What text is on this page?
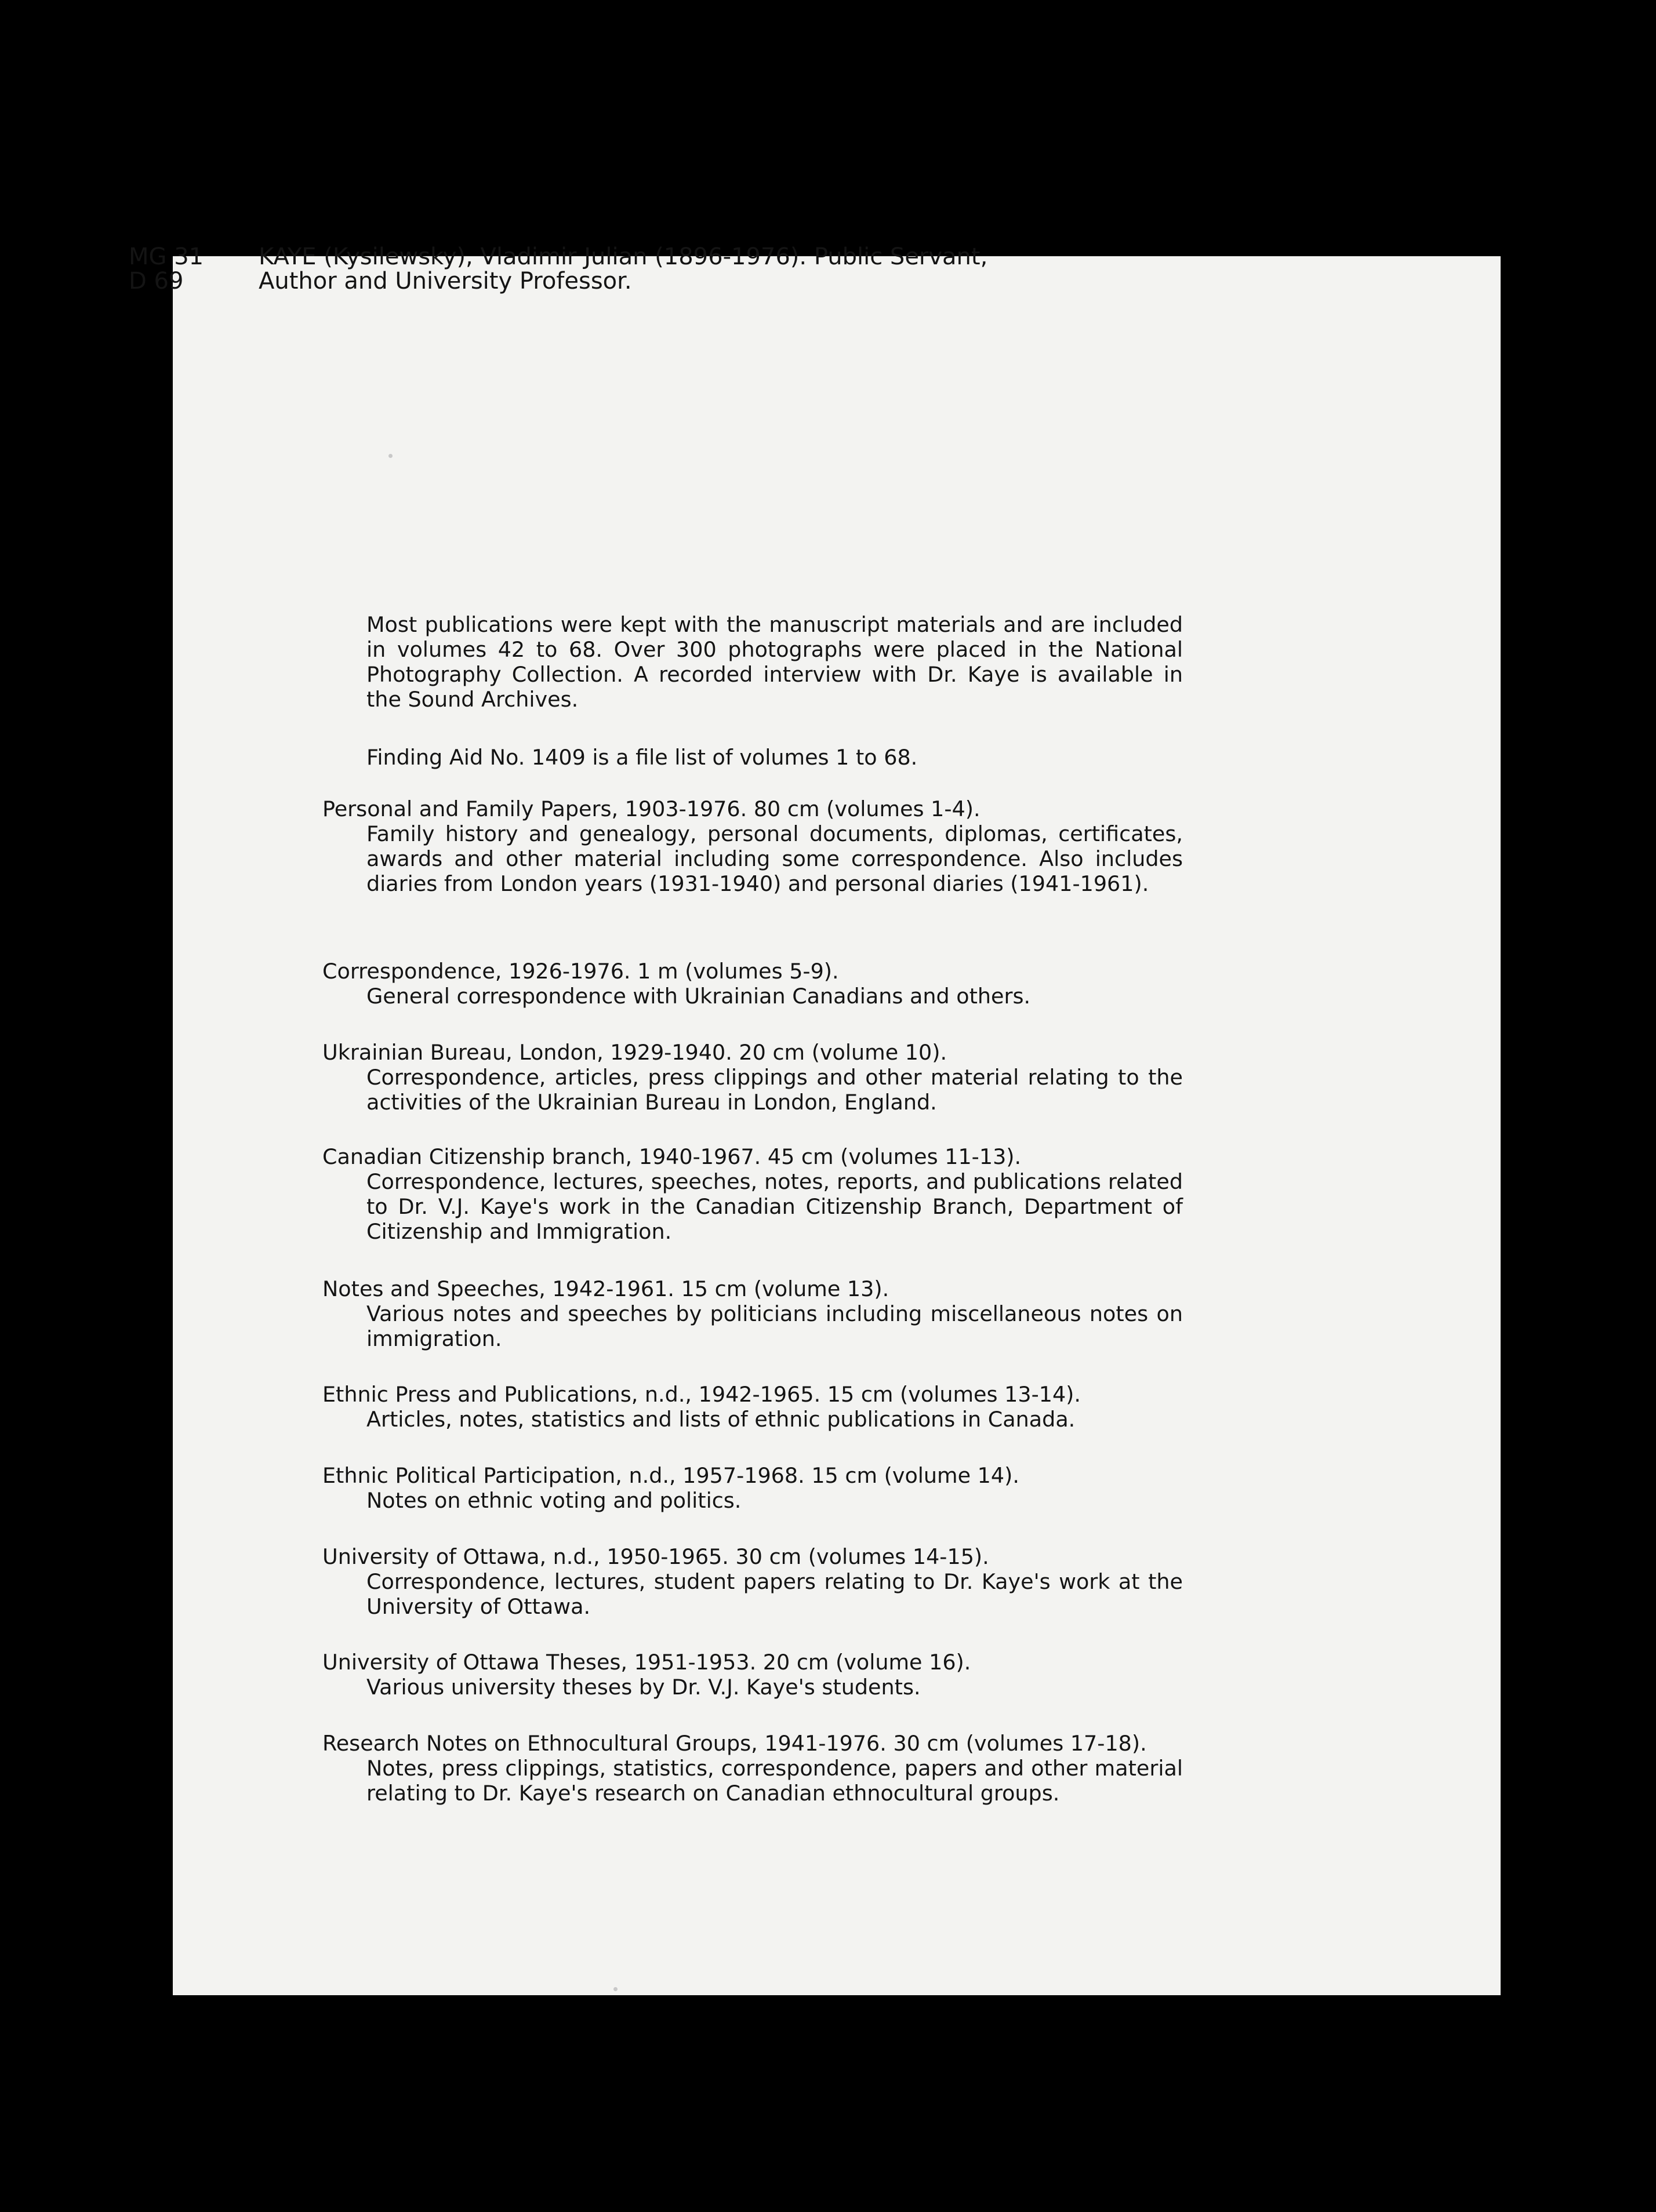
MG 31
D 69
KAYE (Kysilewsky), Vladimir Julian (1896-1976). Public Servant,
Author and University Professor.
Most publications were kept with the manuscript materials and are included in volumes 42 to 68. Over 300 photographs were placed in the National Photography Collection. A recorded interview with Dr. Kaye is available in the Sound Archives.
Finding Aid No. 1409 is a file list of volumes 1 to 68.
Personal and Family Papers, 1903-1976. 80 cm (volumes 1-4).
Family history and genealogy, personal documents, diplomas, certificates, awards and other material including some correspondence. Also includes diaries from London years (1931-1940) and personal diaries (1941-1961).
Correspondence, 1926-1976. 1 m (volumes 5-9).
General correspondence with Ukrainian Canadians and others.
Ukrainian Bureau, London, 1929-1940. 20 cm (volume 10).
Correspondence, articles, press clippings and other material relating to the activities of the Ukrainian Bureau in London, England.
Canadian Citizenship branch, 1940-1967. 45 cm (volumes 11-13).
Correspondence, lectures, speeches, notes, reports, and publications related to Dr. V.J. Kaye's work in the Canadian Citizenship Branch, Department of Citizenship and Immigration.
Notes and Speeches, 1942-1961. 15 cm (volume 13).
Various notes and speeches by politicians including miscellaneous notes on immigration.
Ethnic Press and Publications, n.d., 1942-1965. 15 cm (volumes 13-14).
Articles, notes, statistics and lists of ethnic publications in Canada.
Ethnic Political Participation, n.d., 1957-1968. 15 cm (volume 14).
Notes on ethnic voting and politics.
University of Ottawa, n.d., 1950-1965. 30 cm (volumes 14-15).
Correspondence, lectures, student papers relating to Dr. Kaye's work at the University of Ottawa.
University of Ottawa Theses, 1951-1953. 20 cm (volume 16).
Various university theses by Dr. V.J. Kaye's students.
Research Notes on Ethnocultural Groups, 1941-1976. 30 cm (volumes 17-18).
Notes, press clippings, statistics, correspondence, papers and other material relating to Dr. Kaye's research on Canadian ethnocultural groups.
